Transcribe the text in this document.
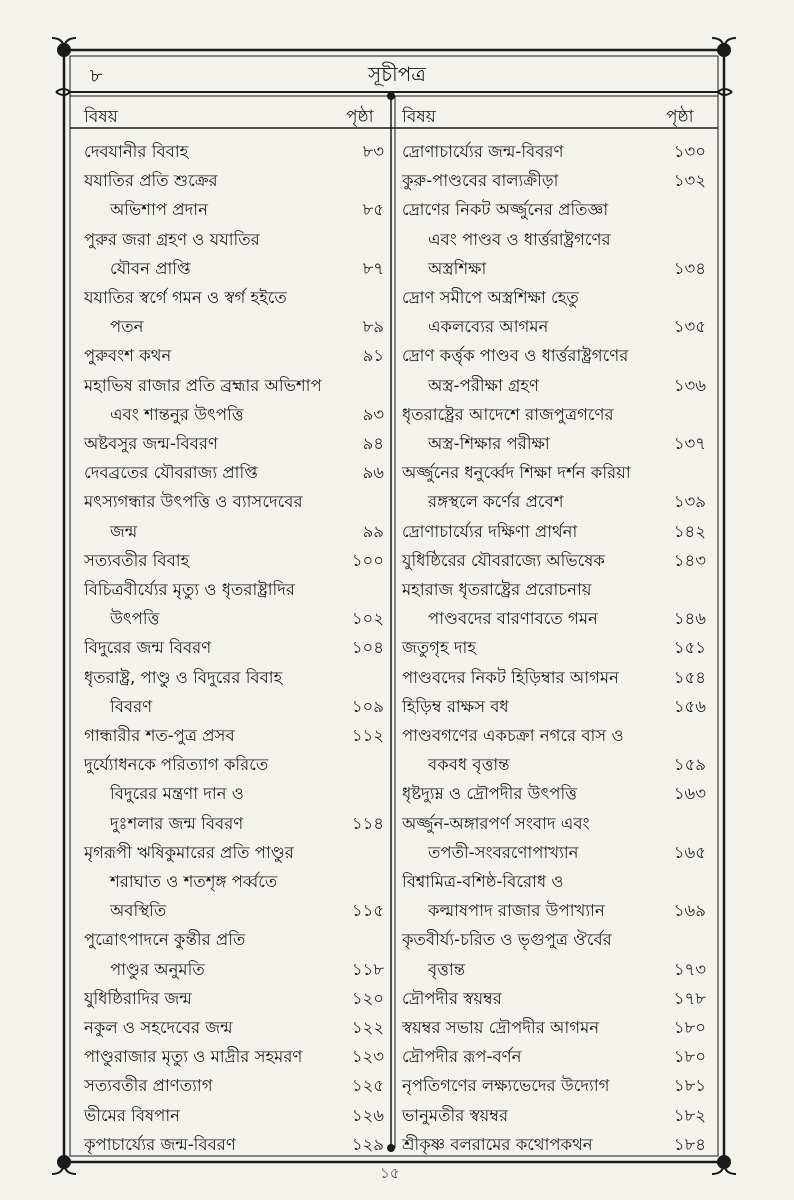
৮	সূচীপত্র
বিষয়	পৃষ্ঠা বিষয়	পৃষ্ঠা
দেবযানীর বিবাহ	৮৩
যযাতির প্রতি শুক্রের
অভিশাপ প্রদান	৮৫
পুরুর জরা গ্রহণ ও যযাতির
যৌবন প্রাপ্তি	৮৭
যযাতির স্বর্গে গমন ও স্বর্গ হইতে
পতন	৮৯
পুরুবংশ কথন	৯১
মহাভিষ রাজার প্রতি ব্রহ্মার অভিশাপ
এবং শান্তনুর উৎপত্তি	৯৩
অষ্টবসুর জন্ম-বিবরণ	৯৪
দেবব্রতের যৌবরাজ্য প্রাপ্তি	৯৬
মৎস্যগন্ধার উৎপত্তি ও ব্যাসদেবের
জন্ম	৯৯
সত্যবতীর বিবাহ	১০০
বিচিত্রবীর্য্যের মৃত্যু ও ধৃতরাষ্ট্রাদির
উৎপত্তি	১০২
বিদুরের জন্ম বিবরণ	১০৪
ধৃতরাষ্ট্র, পাণ্ডু ও বিদুরের বিবাহ
বিবরণ	১০৯
গান্ধারীর শত-পুত্র প্রসব	১১২
দুর্য্যোধনকে পরিত্যাগ করিতে
বিদুরের মন্ত্রণা দান ও
দুঃশলার জন্ম বিবরণ	১১৪
মৃগরূপী ঋষিকুমারের প্রতি পাণ্ডুর
শরাঘাত ও শতশৃঙ্গ পর্ব্বতে
অবস্থিতি	১১৫
পুত্রোৎপাদনে কুন্তীর প্রতি
পাণ্ডুর অনুমতি	১১৮
যুধিষ্ঠিরাদির জন্ম	১২০
নকুল ও সহদেবের জন্ম	১২২
পাণ্ডুরাজার মৃত্যু ও মাদ্রীর সহমরণ	১২৩
সত্যবতীর প্রাণত্যাগ	১২৫
ভীমের বিষপান	১২৬
কৃপাচার্য্যের জন্ম-বিবরণ	১২৯
দ্রোণাচার্য্যের জন্ম-বিবরণ	১৩০
কুরু-পাণ্ডবের বাল্যক্রীড়া	১৩২
দ্রোণের নিকট অর্জ্জুনের প্রতিজ্ঞা
এবং পাণ্ডব ও ধার্ত্তরাষ্ট্রগণের
অস্ত্রশিক্ষা	১৩৪
দ্রোণ সমীপে অস্ত্রশিক্ষা হেতু
একলব্যের আগমন	১৩৫
দ্রোণ কর্ত্তৃক পাণ্ডব ও ধার্ত্তরাষ্ট্রগণের
অস্ত্র-পরীক্ষা গ্রহণ	১৩৬
ধৃতরাষ্ট্রের আদেশে রাজপুত্রগণের
অস্ত্র-শিক্ষার পরীক্ষা	১৩৭
অর্জ্জুনের ধনুর্ব্বেদ শিক্ষা দর্শন করিয়া
রঙ্গস্থলে কর্ণের প্রবেশ	১৩৯
দ্রোণাচার্য্যের দক্ষিণা প্রার্থনা	১৪২
যুধিষ্ঠিরের যৌবরাজ্যে অভিষেক	১৪৩
মহারাজ ধৃতরাষ্ট্রের প্ররোচনায়
পাণ্ডবদের বারণাবতে গমন	১৪৬
জতুগৃহ দাহ	১৫১
পাণ্ডবদের নিকট হিড়িম্বার আগমন	১৫৪
হিড়িম্ব রাক্ষস বধ	১৫৬
পাণ্ডবগণের একচক্রা নগরে বাস ও
বকবধ বৃত্তান্ত	১৫৯
ধৃষ্টদ্যুম্ন ও দ্রৌপদীর উৎপত্তি	১৬৩
অর্জ্জুন-অঙ্গারপর্ণ সংবাদ এবং
তপতী-সংবরণোপাখ্যান	১৬৫
বিশ্বামিত্র-বশিষ্ঠ-বিরোধ ও
কল্মাষপাদ রাজার উপাখ্যান	১৬৯
কৃতবীর্য্য-চরিত ও ভৃগুপুত্র ঔর্বের
বৃত্তান্ত	১৭৩
দ্রৌপদীর স্বয়ম্বর	১৭৮
স্বয়ম্বর সভায় দ্রৌপদীর আগমন	১৮০
দ্রৌপদীর রূপ-বর্ণন	১৮০
নৃপতিগণের লক্ষ্যভেদের উদ্যোগ	১৮১
ভানুমতীর স্বয়ম্বর	১৮২
শ্রীকৃষ্ণ বলরামের কথোপকথন	১৮৪
১৫
